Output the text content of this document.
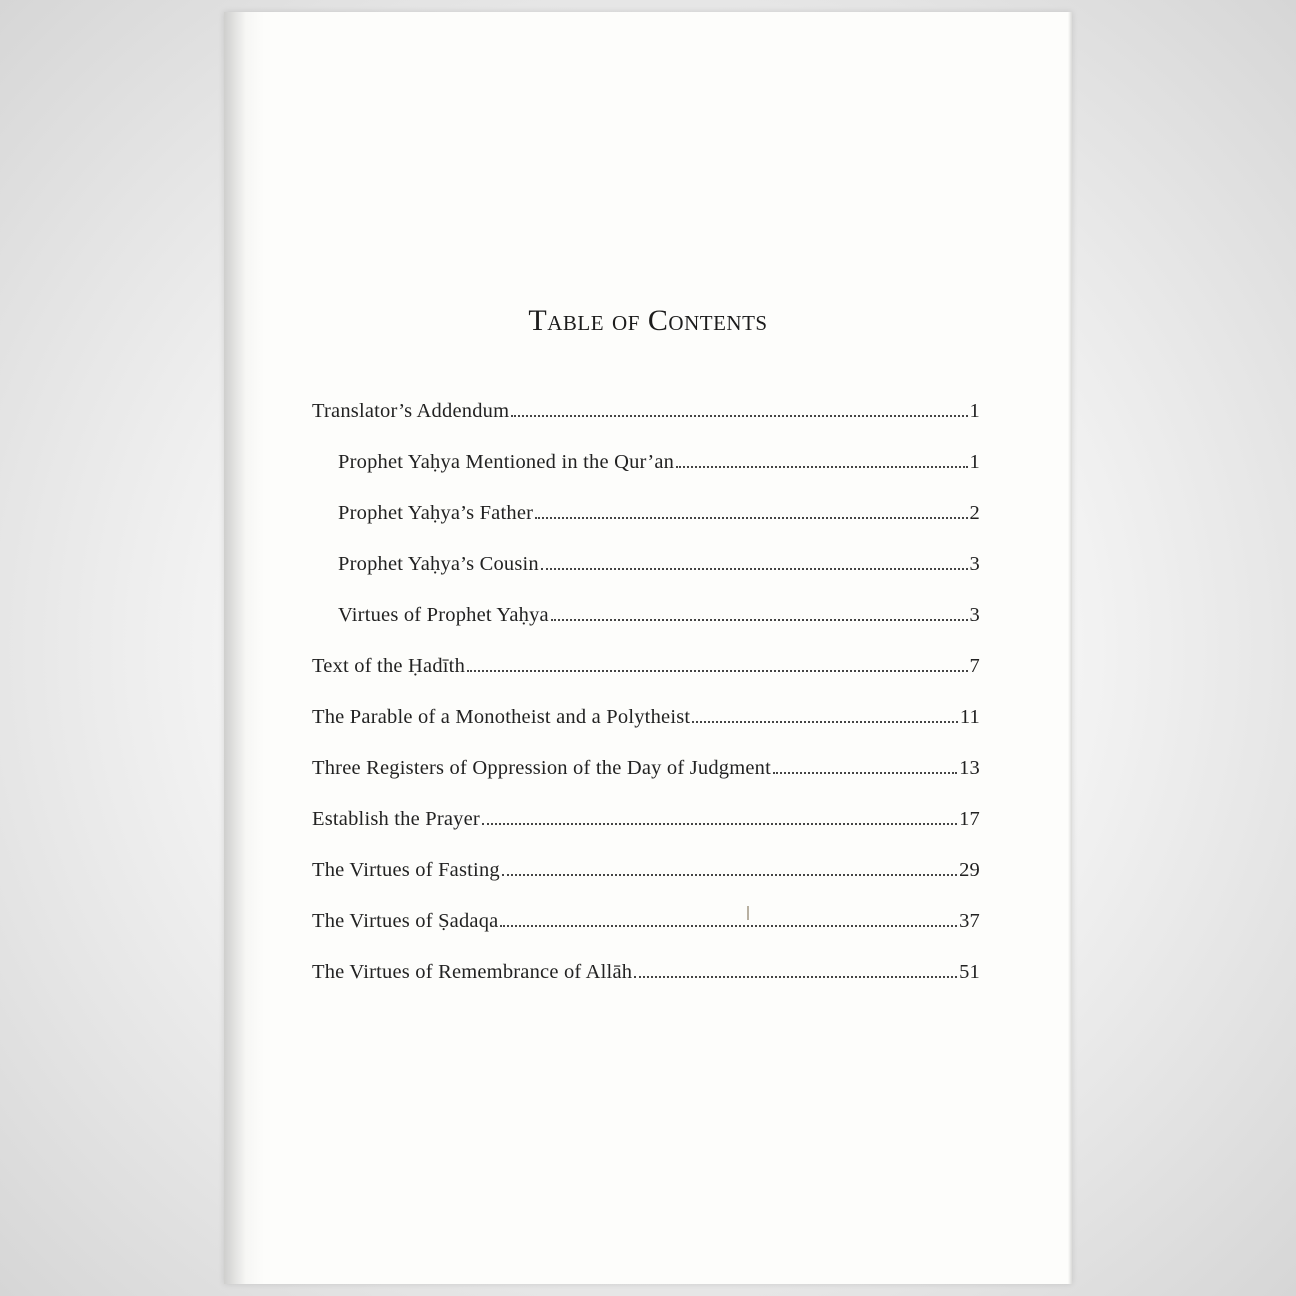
Table of Contents
Translator’s Addendum	1
Prophet Yaḥya Mentioned in the Qur’an	1
Prophet Yaḥya’s Father	2
Prophet Yaḥya’s Cousin	3
Virtues of Prophet Yaḥya	3
Text of the Ḥadīth	7
The Parable of a Monotheist and a Polytheist	11
Three Registers of Oppression of the Day of Judgment	13
Establish the Prayer	17
The Virtues of Fasting	29
The Virtues of Ṣadaqa	37
The Virtues of Remembrance of Allāh	51
